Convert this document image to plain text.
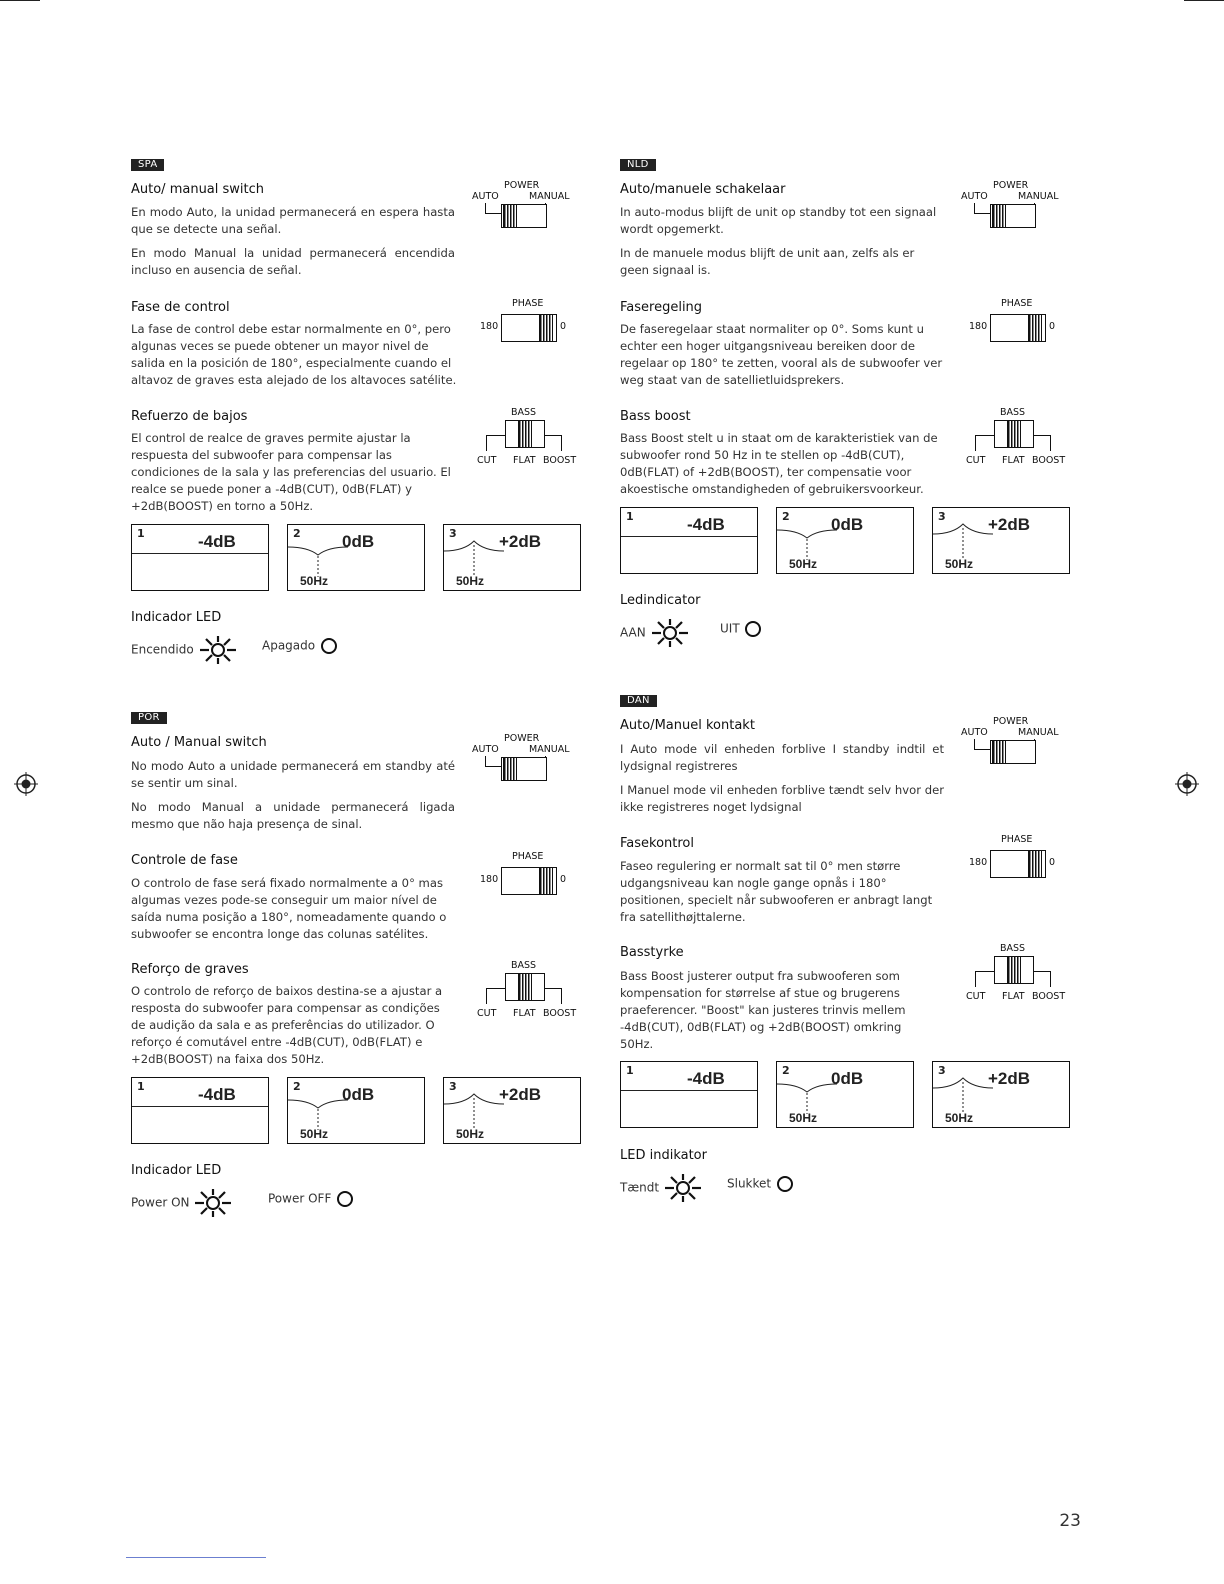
SPA
Auto/ manual switch
En modo Auto, la unidad permanecerá en espera hasta que se detecte una señal.
En modo Manual la unidad permanecerá encendida incluso en ausencia de señal.
POWER
AUTO	MANUAL
Fase de control
La fase de control debe estar normalmente en 0°, pero algunas veces se puede obtener un mayor nivel de salida en la posición de 180°, especialmente cuando el altavoz de graves esta alejado de los altavoces satélite.
PHASE
180	0
Refuerzo de bajos
El control de realce de graves permite ajustar la respuesta del subwoofer para compensar las condiciones de la sala y las preferencias del usuario. El realce se puede poner a -4dB(CUT), 0dB(FLAT) y +2dB(BOOST) en torno a 50Hz.
BASS
CUT FLAT BOOST
1	-4dB	2 0dB
50Hz
3 +2dB
50Hz
Indicador LED
Encendido	Apagado
NLD
Auto/manuele schakelaar
In auto-modus blijft de unit op standby tot een signaal wordt opgemerkt.
In de manuele modus blijft de unit aan, zelfs als er geen signaal is.
POWER
AUTO	MANUAL
Faseregeling
De faseregelaar staat normaliter op 0°. Soms kunt u echter een hoger uitgangsniveau bereiken door de regelaar op 180° te zetten, vooral als de subwoofer ver weg staat van de satellietluidsprekers.
PHASE
180	0
Bass boost
Bass Boost stelt u in staat om de karakteristiek van de subwoofer rond 50 Hz in te stellen op -4dB(CUT), 0dB(FLAT) of +2dB(BOOST), ter compensatie voor akoestische omstandigheden of gebruikersvoorkeur.
BASS
CUT FLAT BOOST
1	-4dB	2 0dB
50Hz
3 +2dB
50Hz
Ledindicator
AAN	UIT
POR
Auto / Manual switch
No modo Auto a unidade permanecerá em standby até se sentir um sinal.
No modo Manual a unidade permanecerá ligada mesmo que não haja presença de sinal.
POWER
AUTO	MANUAL
Controle de fase
O controlo de fase será fixado normalmente a 0° mas algumas vezes pode-se conseguir um maior nível de saída numa posição a 180°, nomeadamente quando o subwoofer se encontra longe das colunas satélites.
PHASE
180	0
Reforço de graves
O controlo de reforço de baixos destina-se a ajustar a resposta do subwoofer para compensar as condições de audição da sala e as preferências do utilizador. O reforço é comutável entre -4dB(CUT), 0dB(FLAT) e +2dB(BOOST) na faixa dos 50Hz.
BASS
CUT FLAT BOOST
1	-4dB	2 0dB
50Hz
3 +2dB
50Hz
Indicador LED
Power ON	Power OFF
DAN
Auto/Manuel kontakt
I Auto mode vil enheden forblive I standby indtil et lydsignal registreres
I Manuel mode vil enheden forblive tændt selv hvor der ikke registreres noget lydsignal
POWER
AUTO	MANUAL
Fasekontrol
Faseo regulering er normalt sat til 0° men større udgangsniveau kan nogle gange opnås i 180° positionen, specielt når subwooferen er anbragt langt fra satellithøjttalerne.
PHASE
180	0
Basstyrke
Bass Boost justerer output fra subwooferen som kompensation for størrelse af stue og brugerens praeferencer. "Boost" kan justeres trinvis mellem -4dB(CUT), 0dB(FLAT) og +2dB(BOOST) omkring 50Hz.
BASS
CUT FLAT BOOST
1	-4dB	2 0dB
50Hz
3 +2dB
50Hz
LED indikator
Tændt	Slukket
23
